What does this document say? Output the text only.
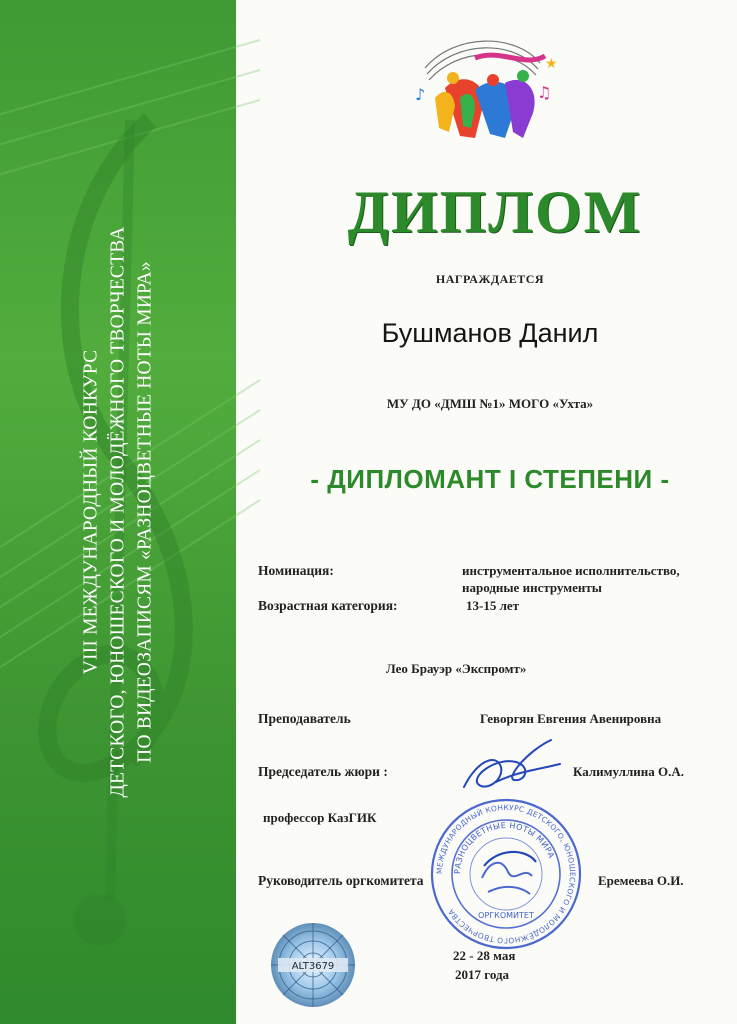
VIII МЕЖДУНАРОДНЫЙ КОНКУРС ДЕТСКОГО, ЮНОШЕСКОГО И МОЛОДЁЖНОГО ТВОРЧЕСТВА ПО ВИДЕОЗАПИСЯМ «РАЗНОЦВЕТНЫЕ НОТЫ МИРА»
♪	♫
★
ДИПЛОМ
НАГРАЖДАЕТСЯ
Бушманов Данил
МУ ДО «ДМШ №1» МОГО «Ухта»
- ДИПЛОМАНТ I СТЕПЕНИ -
Номинация:	инструментальное исполнительство,
народные инструменты
Возрастная категория:	13-15 лет
Лео Брауэр «Экспромт»
Преподаватель	Геворгян Евгения Авенировна
Председатель жюри :	Калимуллина О.А.
профессор КазГИК
Руководитель оргкомитета	Еремеева О.И.
МЕЖДУНАРОДНЫЙ КОНКУРС ДЕТСКОГО, ЮНОШЕСКОГО И МОЛОДЁЖНОГО ТВОРЧЕСТВА
РАЗНОЦВЕТНЫЕ НОТЫ МИРА
ОРГКОМИТЕТ
22 - 28 мая
2017 года
ALT3679
